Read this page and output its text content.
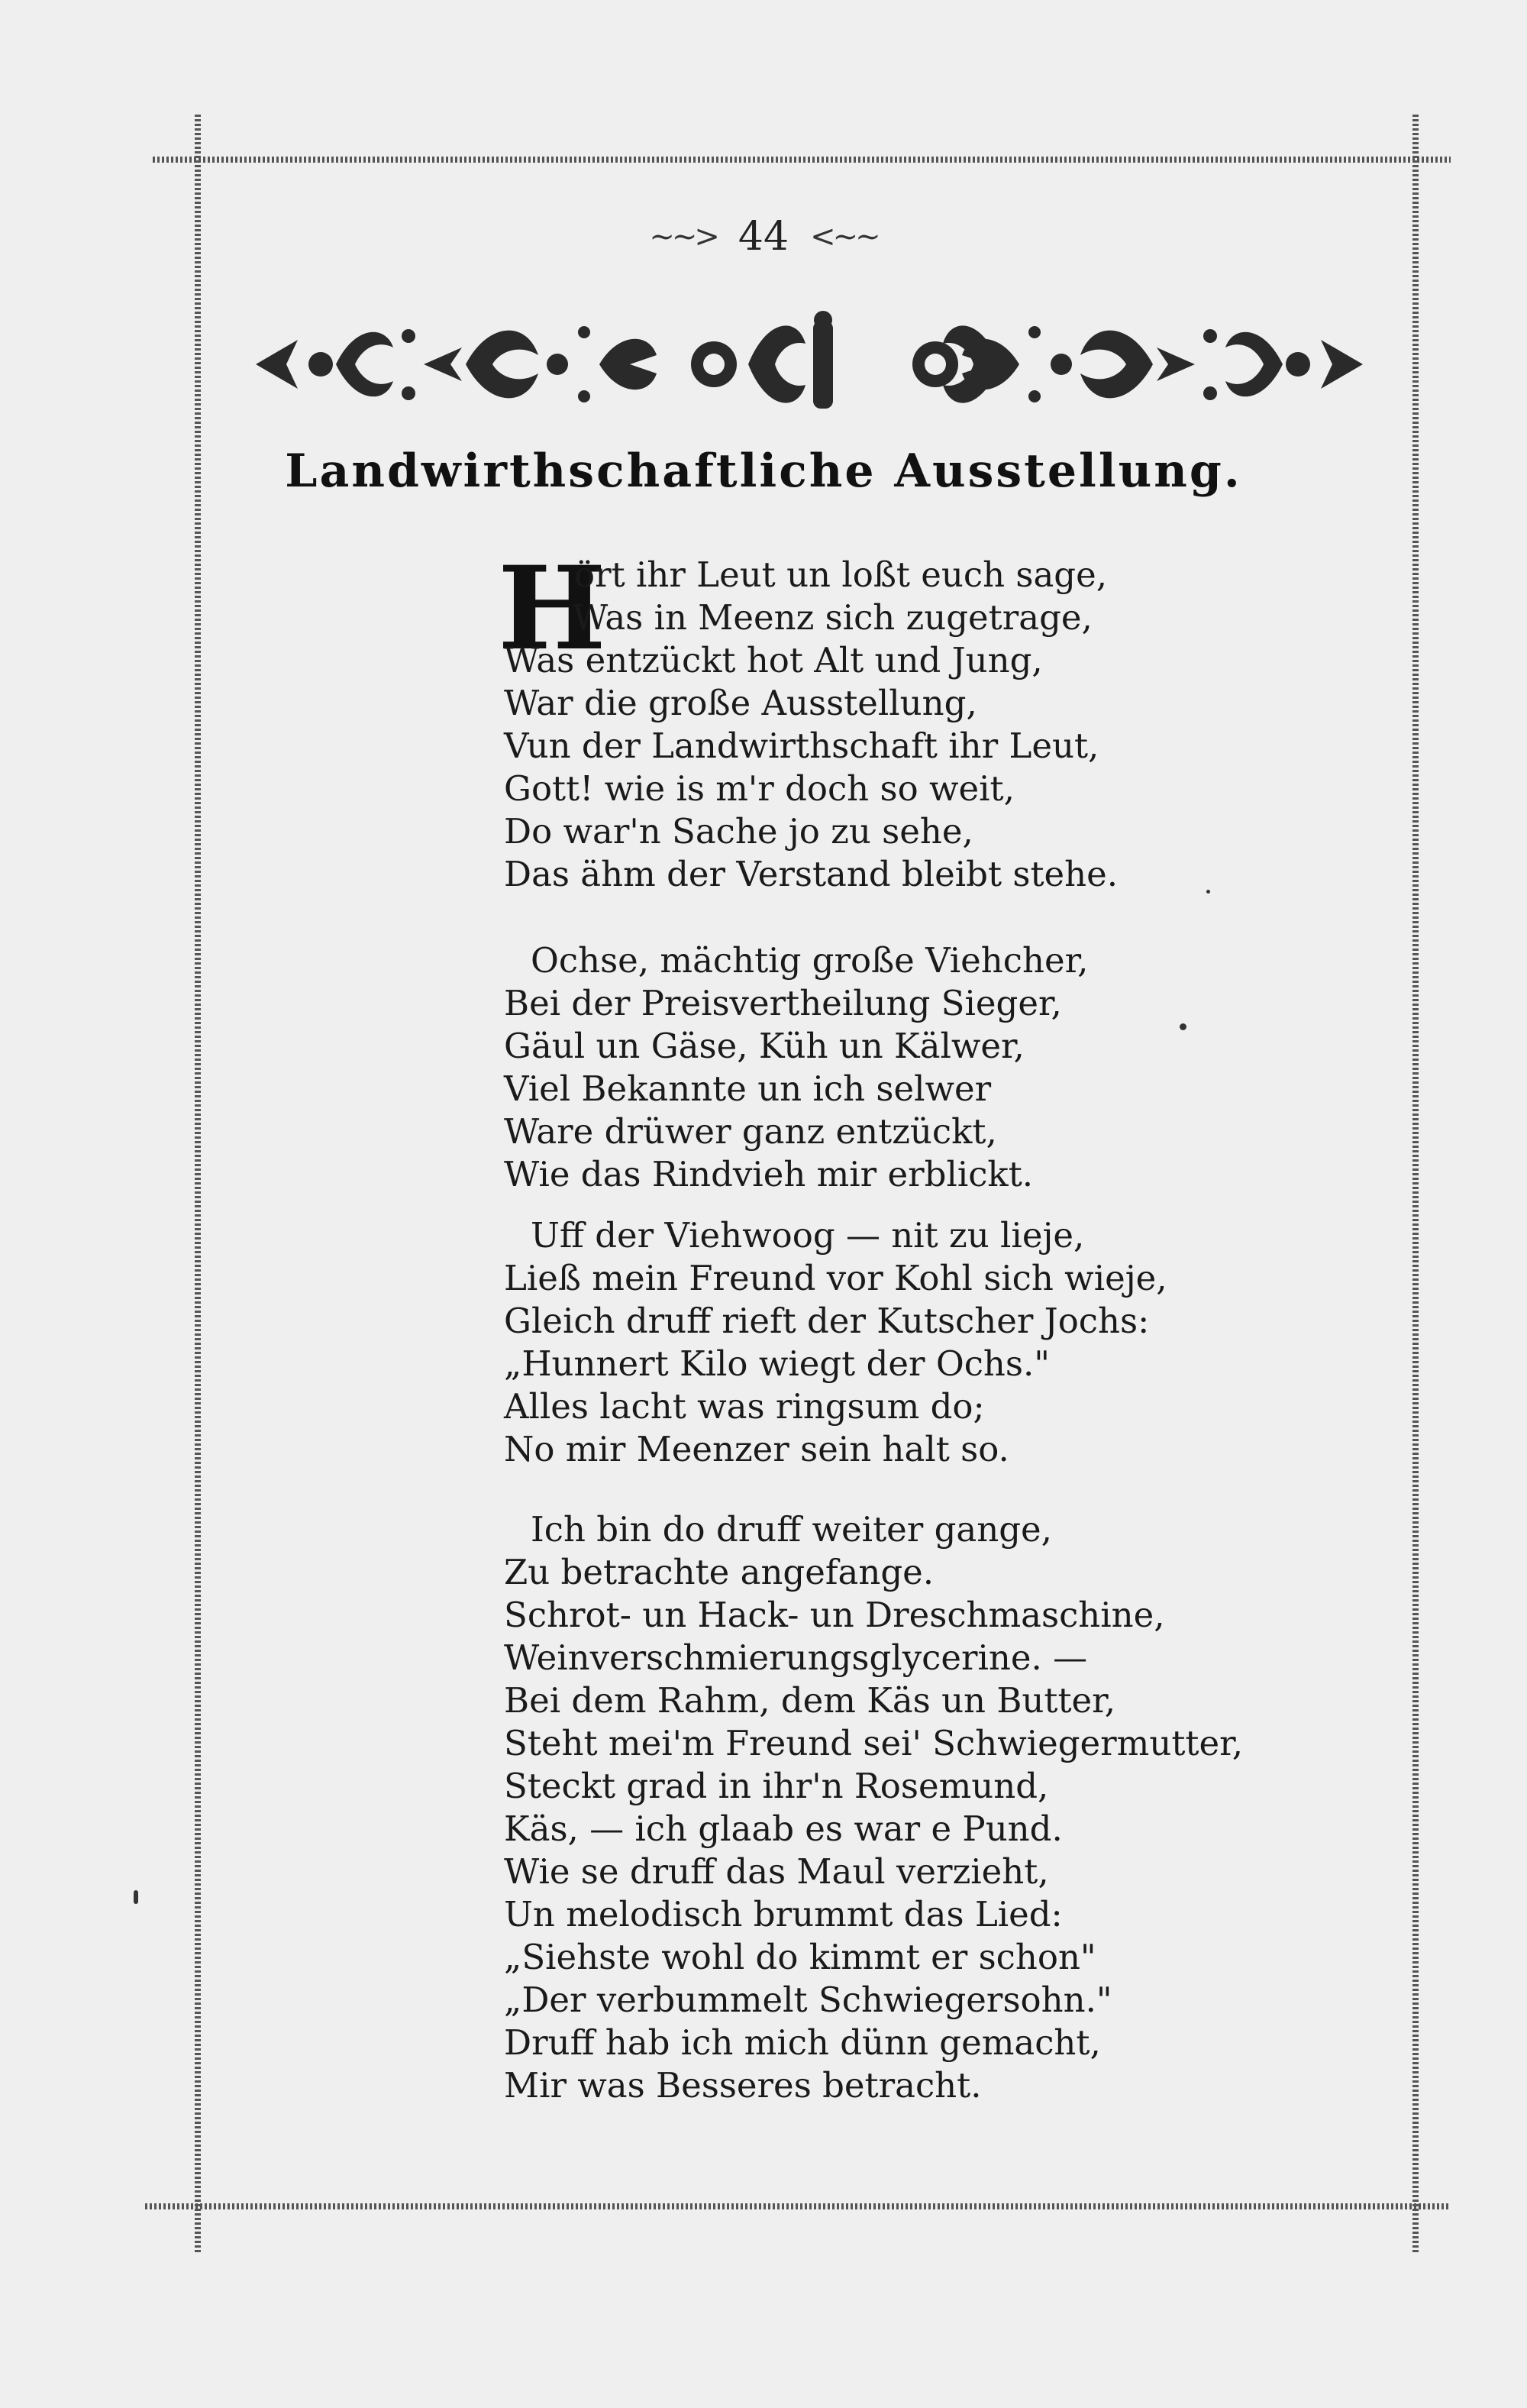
~~> 44 <~~
Landwirthschaftliche Ausstellung.
H
ört ihr Leut un loßt euch sage,
Was in Meenz sich zugetrage,
Was entzückt hot Alt und Jung,
War die große Ausstellung,
Vun der Landwirthschaft ihr Leut,
Gott! wie is m'r doch so weit,
Do war'n Sache jo zu sehe,
Das ähm der Verstand bleibt stehe.
Ochse, mächtig große Viehcher,
Bei der Preisvertheilung Sieger,
Gäul un Gäse, Küh un Kälwer,
Viel Bekannte un ich selwer
Ware drüwer ganz entzückt,
Wie das Rindvieh mir erblickt.
Uff der Viehwoog — nit zu lieje,
Ließ mein Freund vor Kohl sich wieje,
Gleich druff rieft der Kutscher Jochs:
„Hunnert Kilo wiegt der Ochs."
Alles lacht was ringsum do;
No mir Meenzer sein halt so.
Ich bin do druff weiter gange,
Zu betrachte angefange.
Schrot- un Hack- un Dreschmaschine,
Weinverschmierungsglycerine. —
Bei dem Rahm, dem Käs un Butter,
Steht mei'm Freund sei' Schwiegermutter,
Steckt grad in ihr'n Rosemund,
Käs, — ich glaab es war e Pund.
Wie se druff das Maul verzieht,
Un melodisch brummt das Lied:
„Siehste wohl do kimmt er schon"
„Der verbummelt Schwiegersohn."
Druff hab ich mich dünn gemacht,
Mir was Besseres betracht.
